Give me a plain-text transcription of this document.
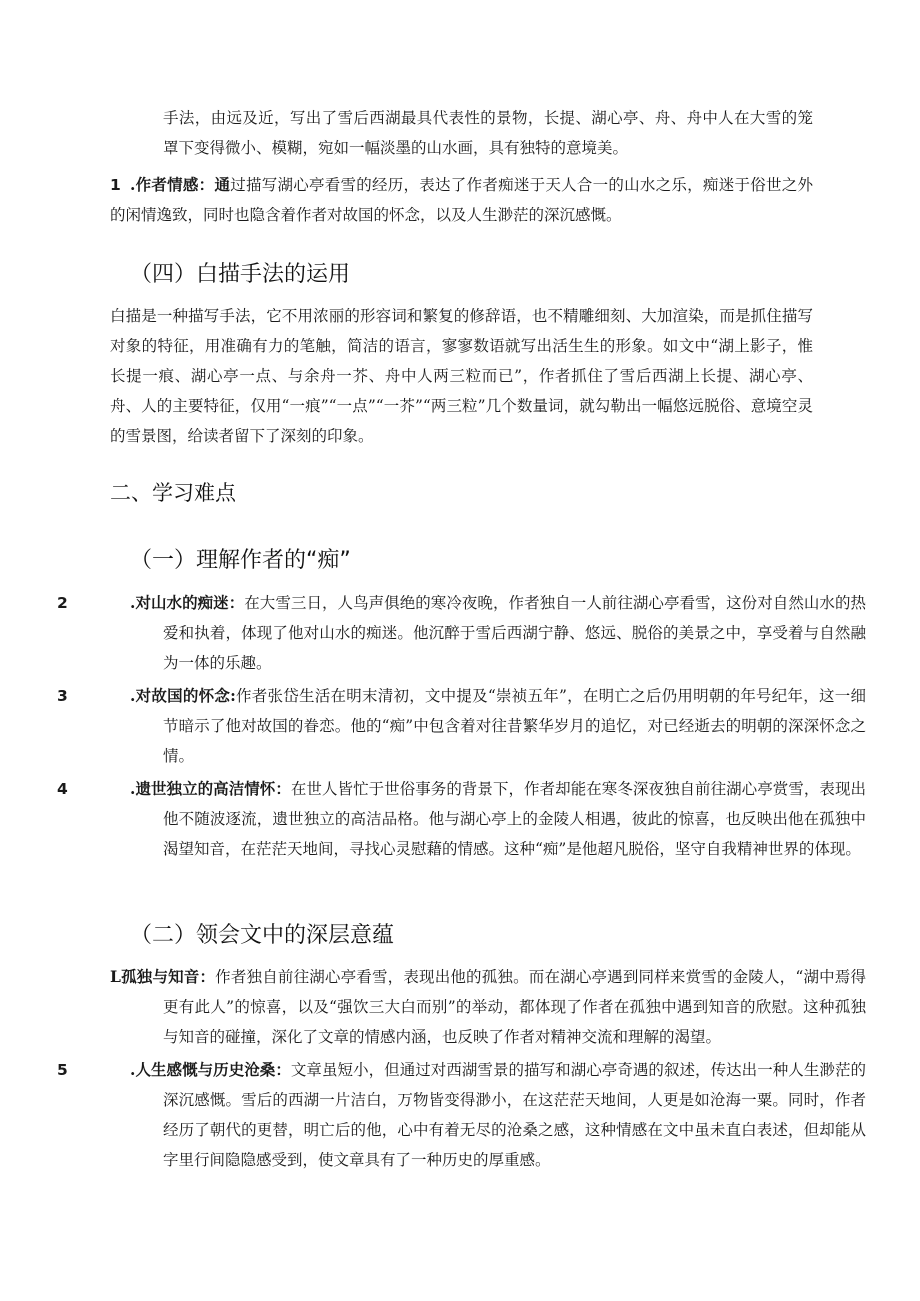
手法，由远及近，写出了雪后西湖最具代表性的景物，长提、湖心亭、舟、舟中人在大雪的笼罩下变得微小、模糊，宛如一幅淡墨的山水画，具有独特的意境美。
1 .作者情感：通过描写湖心亭看雪的经历，表达了作者痴迷于天人合一的山水之乐，痴迷于俗世之外的闲情逸致，同时也隐含着作者对故国的怀念，以及人生渺茫的深沉感慨。
（四）白描手法的运用
白描是一种描写手法，它不用浓丽的形容词和繁复的修辞语，也不精雕细刻、大加渲染，而是抓住描写对象的特征，用准确有力的笔触，简洁的语言，寥寥数语就写出活生生的形象。如文中“湖上影子，惟长提一痕、湖心亭一点、与余舟一芥、舟中人两三粒而已”，作者抓住了雪后西湖上长提、湖心亭、舟、人的主要特征，仅用“一痕”“一点”“一芥”“两三粒”几个数量词，就勾勒出一幅悠远脱俗、意境空灵的雪景图，给读者留下了深刻的印象。
二、学习难点
（一）理解作者的“痴”
2	.对山水的痴迷：在大雪三日，人鸟声俱绝的寒冷夜晚，作者独自一人前往湖心亭看雪，这份对自然山水的热爱和执着，体现了他对山水的痴迷。他沉醉于雪后西湖宁静、悠远、脱俗的美景之中，享受着与自然融为一体的乐趣。
3	.对故国的怀念:作者张岱生活在明末清初，文中提及“崇祯五年”，在明亡之后仍用明朝的年号纪年，这一细节暗示了他对故国的眷恋。他的“痴”中包含着对往昔繁华岁月的追忆，对已经逝去的明朝的深深怀念之情。
4	.遗世独立的高洁情怀：在世人皆忙于世俗事务的背景下，作者却能在寒冬深夜独自前往湖心亭赏雪，表现出他不随波逐流，遗世独立的高洁品格。他与湖心亭上的金陵人相遇，彼此的惊喜，也反映出他在孤独中渴望知音，在茫茫天地间，寻找心灵慰藉的情感。这种“痴”是他超凡脱俗，坚守自我精神世界的体现。
（二）领会文中的深层意蕴
L孤独与知音：作者独自前往湖心亭看雪，表现出他的孤独。而在湖心亭遇到同样来赏雪的金陵人，“湖中焉得更有此人”的惊喜，以及“强饮三大白而别”的举动，都体现了作者在孤独中遇到知音的欣慰。这种孤独与知音的碰撞，深化了文章的情感内涵，也反映了作者对精神交流和理解的渴望。
5	.人生感慨与历史沧桑：文章虽短小，但通过对西湖雪景的描写和湖心亭奇遇的叙述，传达出一种人生渺茫的深沉感慨。雪后的西湖一片洁白，万物皆变得渺小，在这茫茫天地间，人更是如沧海一粟。同时，作者经历了朝代的更替，明亡后的他，心中有着无尽的沧桑之感，这种情感在文中虽未直白表述，但却能从字里行间隐隐感受到，使文章具有了一种历史的厚重感。
